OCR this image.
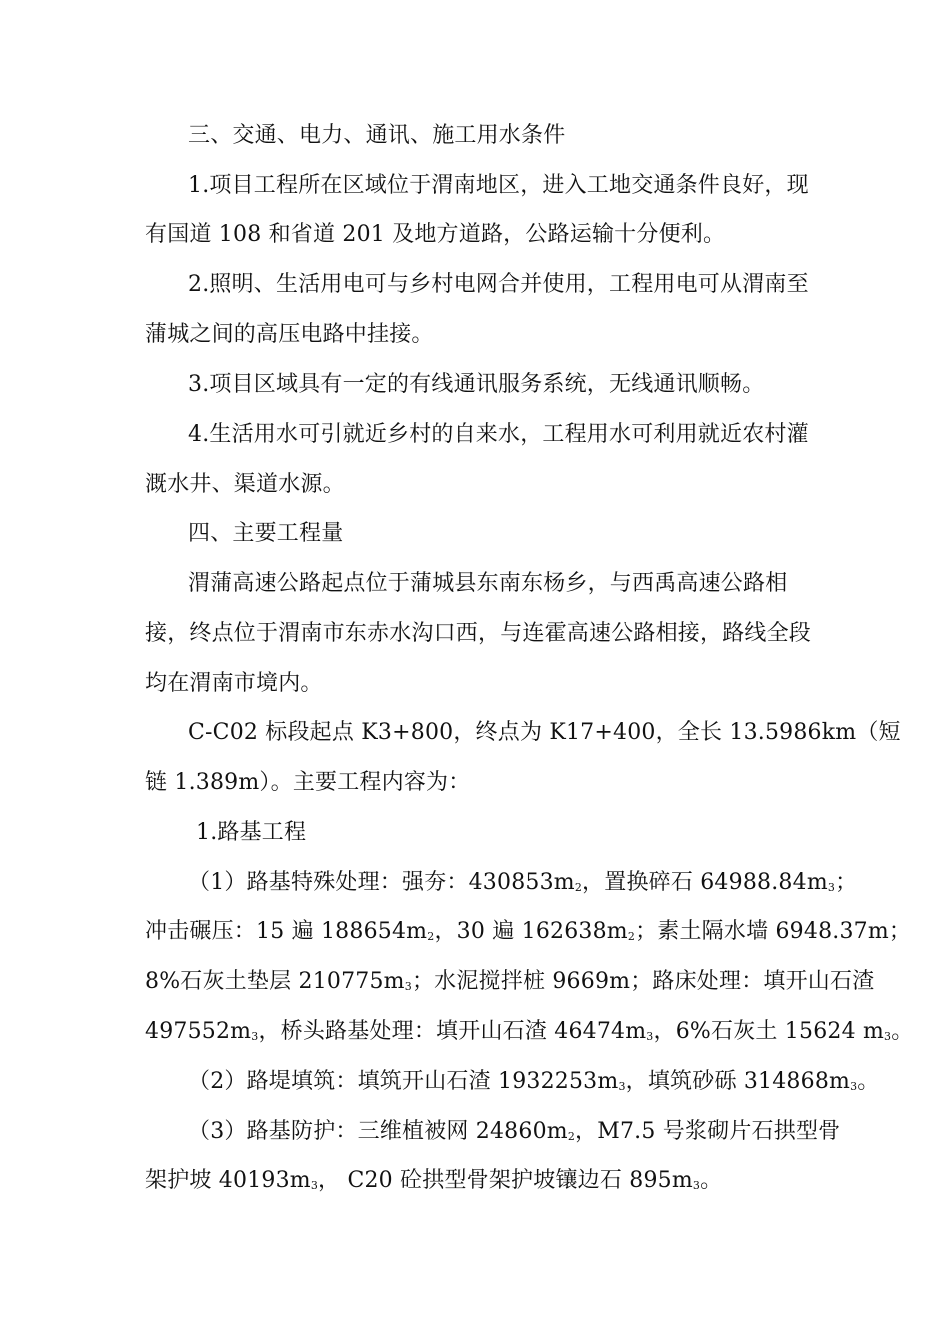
三、交通、电力、通讯、施工用水条件
1.项目工程所在区域位于渭南地区，进入工地交通条件良好，现
有国道 108 和省道 201 及地方道路，公路运输十分便利。
2.照明、生活用电可与乡村电网合并使用，工程用电可从渭南至
蒲城之间的高压电路中挂接。
3.项目区域具有一定的有线通讯服务系统，无线通讯顺畅。
4.生活用水可引就近乡村的自来水，工程用水可利用就近农村灌
溉水井、渠道水源。
四、主要工程量
渭蒲高速公路起点位于蒲城县东南东杨乡，与西禹高速公路相
接，终点位于渭南市东赤水沟口西，与连霍高速公路相接，路线全段
均在渭南市境内。
C-C02 标段起点 K3+800，终点为 K17+400，全长 13.5986km（短
链 1.389m）。主要工程内容为：
1.路基工程
（1）路基特殊处理：强夯：$430853m_2$，置换碎石 $64988.84m_3$；
冲击碾压：15 遍 $188654m_2$，30 遍 $162638m_2$；素土隔水墙 6948.37m；
8%石灰土垫层 $210775m_3$；水泥搅拌桩 9669m；路床处理：填开山石渣
$497552m_3$，桥头路基处理：填开山石渣 $46474m_3$，6%石灰土 15624 $m_3$。
（2）路堤填筑：填筑开山石渣 $1932253m_3$，填筑砂砾 $314868m_3$。
（3）路基防护：三维植被网 $24860m_2$，M7.5 号浆砌片石拱型骨
架护坡 $40193m_3$， C20 砼拱型骨架护坡镶边石 $895m_3$。
